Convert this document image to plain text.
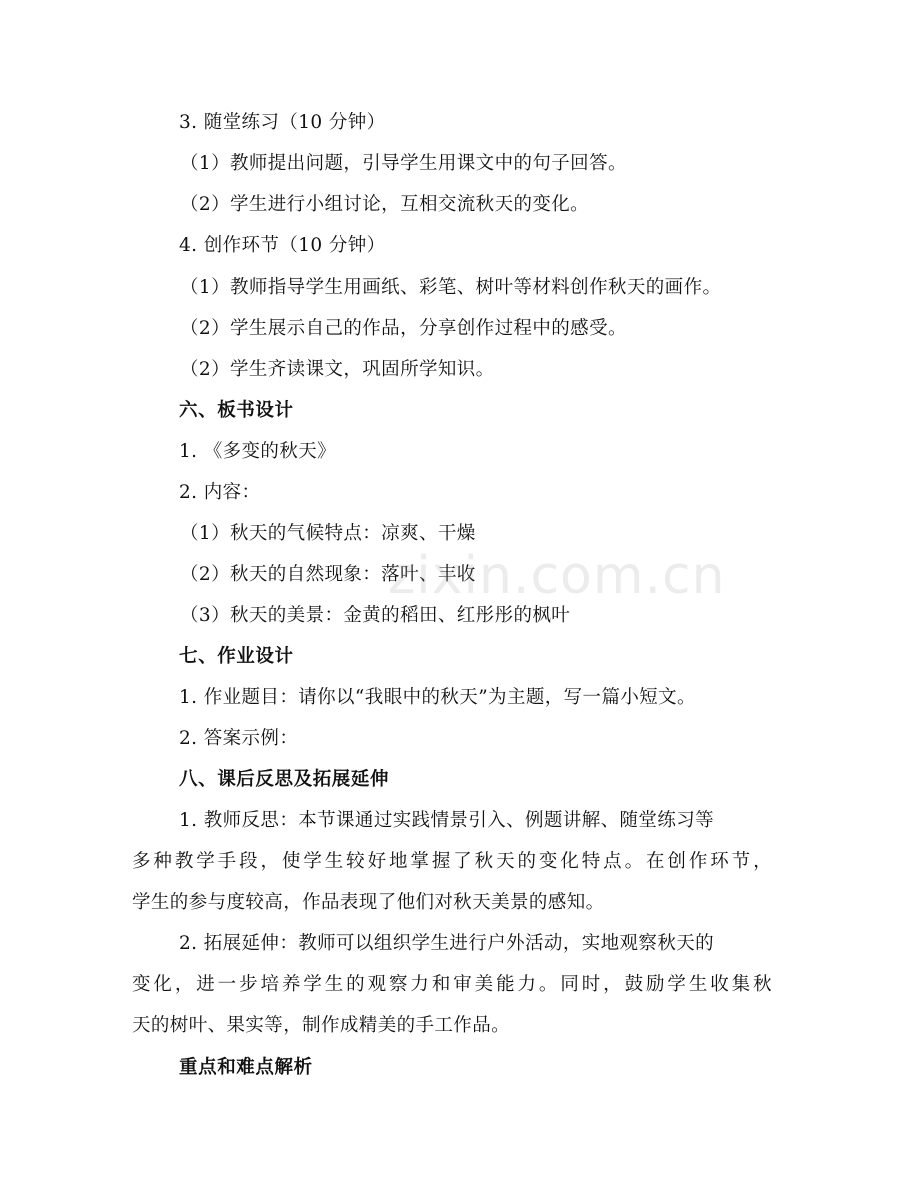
3. 随堂练习（10 分钟）
（1）教师提出问题，引导学生用课文中的句子回答。
（2）学生进行小组讨论，互相交流秋天的变化。
4. 创作环节（10 分钟）
（1）教师指导学生用画纸、彩笔、树叶等材料创作秋天的画作。
（2）学生展示自己的作品，分享创作过程中的感受。
（2）学生齐读课文，巩固所学知识。
六、板书设计
1. 《多变的秋天》
2. 内容：
（1）秋天的气候特点：凉爽、干燥
（2）秋天的自然现象：落叶、丰收
（3）秋天的美景：金黄的稻田、红彤彤的枫叶
七、作业设计
1. 作业题目：请你以“我眼中的秋天”为主题，写一篇小短文。
2. 答案示例：
八、课后反思及拓展延伸
1. 教师反思：本节课通过实践情景引入、例题讲解、随堂练习等
多种教学手段，使学生较好地掌握了秋天的变化特点。在创作环节，
学生的参与度较高，作品表现了他们对秋天美景的感知。
2. 拓展延伸：教师可以组织学生进行户外活动，实地观察秋天的
变化，进一步培养学生的观察力和审美能力。同时，鼓励学生收集秋
天的树叶、果实等，制作成精美的手工作品。
重点和难点解析
zixin.com.cn
